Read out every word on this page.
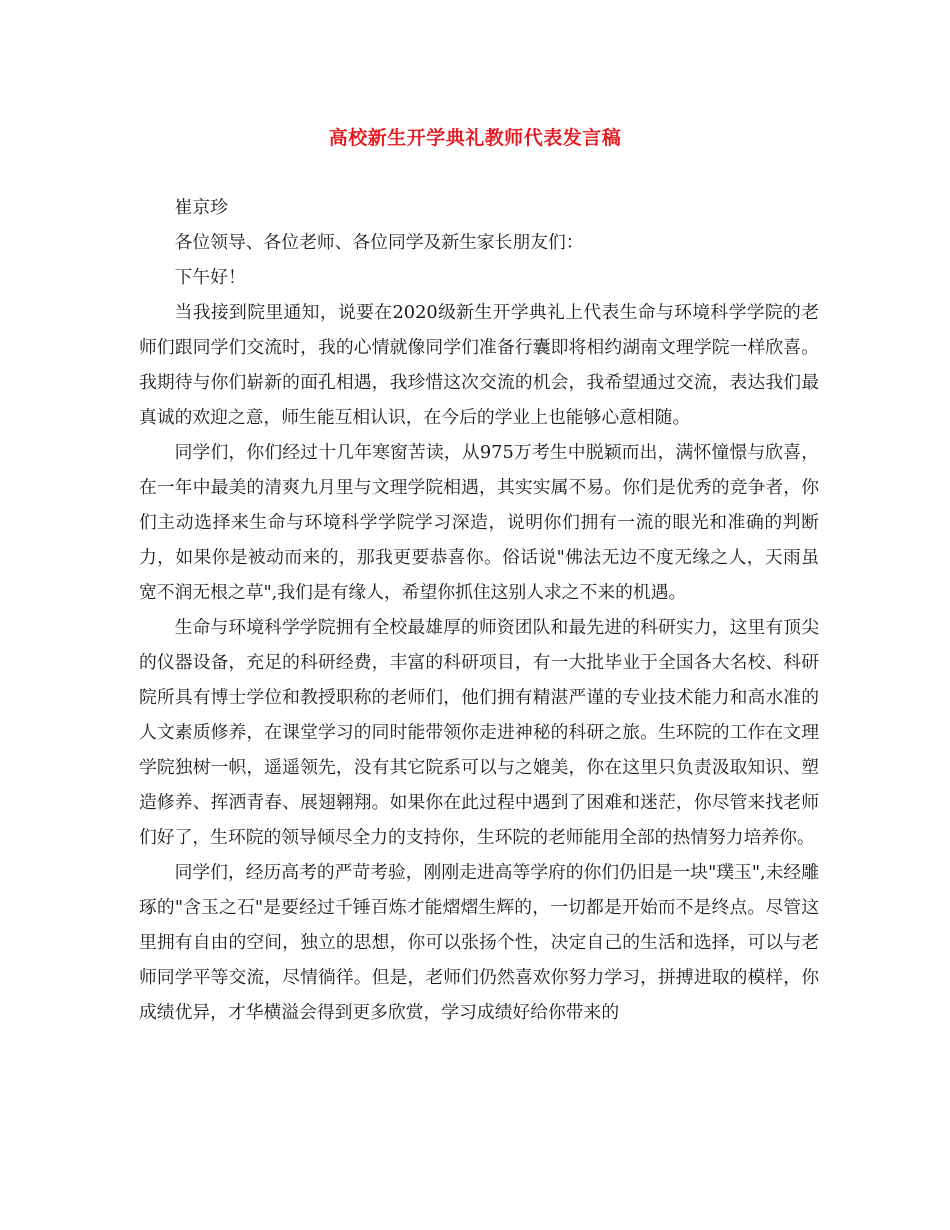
高校新生开学典礼教师代表发言稿

崔京珍

各位领导、各位老师、各位同学及新生家长朋友们：

下午好！

当我接到院里通知，说要在2020级新生开学典礼上代表生命与环境科学学院的老师们跟同学们交流时，我的心情就像同学们准备行囊即将相约湖南文理学院一样欣喜。我期待与你们崭新的面孔相遇，我珍惜这次交流的机会，我希望通过交流，表达我们最真诚的欢迎之意，师生能互相认识，在今后的学业上也能够心意相随。

同学们，你们经过十几年寒窗苦读，从975万考生中脱颖而出，满怀憧憬与欣喜，在一年中最美的清爽九月里与文理学院相遇，其实实属不易。你们是优秀的竞争者，你们主动选择来生命与环境科学学院学习深造，说明你们拥有一流的眼光和准确的判断力，如果你是被动而来的，那我更要恭喜你。俗话说"佛法无边不度无缘之人，天雨虽宽不润无根之草",我们是有缘人，希望你抓住这别人求之不来的机遇。

生命与环境科学学院拥有全校最雄厚的师资团队和最先进的科研实力，这里有顶尖的仪器设备，充足的科研经费，丰富的科研项目，有一大批毕业于全国各大名校、科研院所具有博士学位和教授职称的老师们，他们拥有精湛严谨的专业技术能力和高水准的人文素质修养，在课堂学习的同时能带领你走进神秘的科研之旅。生环院的工作在文理学院独树一帜，遥遥领先，没有其它院系可以与之媲美，你在这里只负责汲取知识、塑造修养、挥洒青春、展翅翱翔。如果你在此过程中遇到了困难和迷茫，你尽管来找老师们好了，生环院的领导倾尽全力的支持你，生环院的老师能用全部的热情努力培养你。

同学们，经历高考的严苛考验，刚刚走进高等学府的你们仍旧是一块"璞玉",未经雕琢的"含玉之石"是要经过千锤百炼才能熠熠生辉的，一切都是开始而不是终点。尽管这里拥有自由的空间，独立的思想，你可以张扬个性，决定自己的生活和选择，可以与老师同学平等交流，尽情徜徉。但是，老师们仍然喜欢你努力学习，拼搏进取的模样，你成绩优异，才华横溢会得到更多欣赏，学习成绩好给你带来的
